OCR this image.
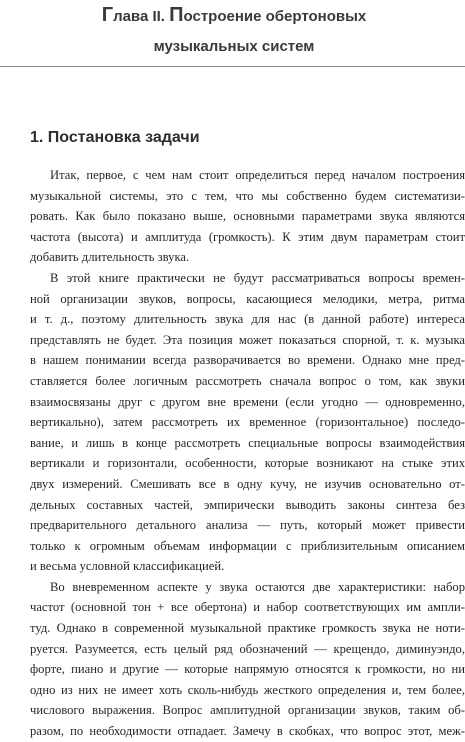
Глава II. Построение обертоновых
музыкальных систем
1. Постановка задачи
Итак, первое, с чем нам стоит определиться перед началом построения
музыкальной системы, это с тем, что мы собственно будем систематизи-
ровать. Как было показано выше, основными параметрами звука являются
частота (высота) и амплитуда (громкость). К этим двум параметрам стоит
добавить длительность звука.
В этой книге практически не будут рассматриваться вопросы времен-
ной организации звуков, вопросы, касающиеся мелодики, метра, ритма
и т. д., поэтому длительность звука для нас (в данной работе) интереса
представлять не будет. Эта позиция может показаться спорной, т. к. музыка
в нашем понимании всегда разворачивается во времени. Однако мне пред-
ставляется более логичным рассмотреть сначала вопрос о том, как звуки
взаимосвязаны друг с другом вне времени (если угодно — одновременно,
вертикально), затем рассмотреть их временное (горизонтальное) последо-
вание, и лишь в конце рассмотреть специальные вопросы взаимодействия
вертикали и горизонтали, особенности, которые возникают на стыке этих
двух измерений. Смешивать все в одну кучу, не изучив основательно от-
дельных составных частей, эмпирически выводить законы синтеза без
предварительного детального анализа — путь, который может привести
только к огромным объемам информации с приблизительным описанием
и весьма условной классификацией.
Во вневременном аспекте у звука остаются две характеристики: набор
частот (основной тон + все обертона) и набор соответствующих им ампли-
туд. Однако в современной музыкальной практике громкость звука не нoти-
руется. Разумеется, есть целый ряд обозначений — крещендо, диминуэндо,
форте, пиано и другие — которые напрямую относятся к громкости, но ни
одно из них не имеет хоть сколь-нибудь жесткого определения и, тем более,
числового выражения. Вопрос амплитудной организации звуков, таким об-
разом, по необходимости отпадает. Замечу в скобках, что вопрос этот, меж-
